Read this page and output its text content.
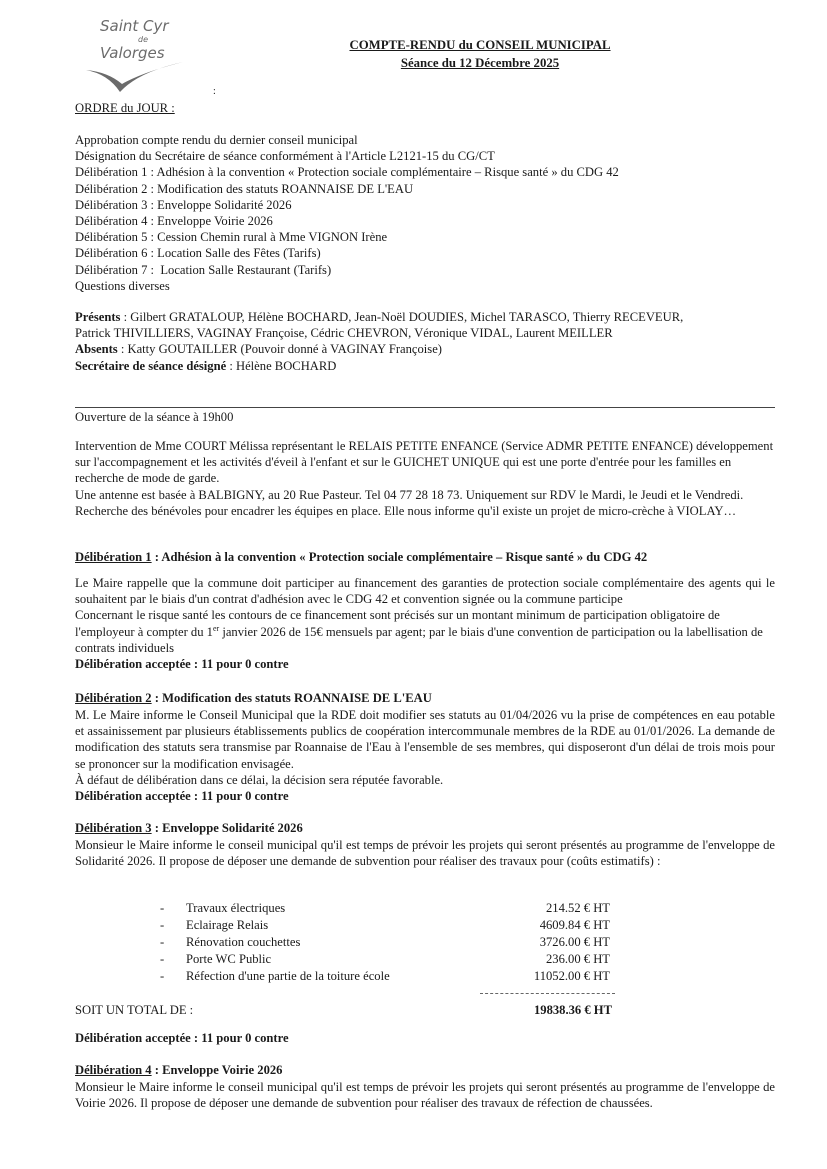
Saint Cyr
de
Valorges	COMPTE-RENDU du CONSEIL MUNICIPAL
Séance du 12 Décembre 2025
:
ORDRE du JOUR :
Approbation compte rendu du dernier conseil municipal
Désignation du Secrétaire de séance conformément à l'Article L2121-15 du CG/CT
Délibération 1 : Adhésion à la convention « Protection sociale complémentaire – Risque santé » du CDG 42
Délibération 2 : Modification des statuts ROANNAISE DE L'EAU
Délibération 3 : Enveloppe Solidarité 2026
Délibération 4 : Enveloppe Voirie 2026
Délibération 5 : Cession Chemin rural à Mme VIGNON Irène
Délibération 6 : Location Salle des Fêtes (Tarifs)
Délibération 7 :  Location Salle Restaurant (Tarifs)
Questions diverses
Présents : Gilbert GRATALOUP, Hélène BOCHARD, Jean-Noël DOUDIES, Michel TARASCO, Thierry RECEVEUR, Patrick THIVILLIERS, VAGINAY Françoise, Cédric CHEVRON, Véronique VIDAL, Laurent MEILLER
Absents : Katty GOUTAILLER (Pouvoir donné à VAGINAY Françoise)
Secrétaire de séance désigné : Hélène BOCHARD
Ouverture de la séance à 19h00
Intervention de Mme COURT Mélissa représentant le RELAIS PETITE ENFANCE (Service ADMR PETITE ENFANCE) développement sur l'accompagnement et les activités d'éveil à l'enfant et sur le GUICHET UNIQUE qui est une porte d'entrée pour les familles en recherche de mode de garde.
Une antenne est basée à BALBIGNY, au 20 Rue Pasteur. Tel 04 77 28 18 73. Uniquement sur RDV le Mardi, le Jeudi et le Vendredi. Recherche des bénévoles pour encadrer les équipes en place. Elle nous informe qu'il existe un projet de micro-crèche à VIOLAY…
Délibération 1 : Adhésion à la convention « Protection sociale complémentaire – Risque santé » du CDG 42
Le Maire rappelle que la commune doit participer au financement des garanties de protection sociale complémentaire des agents qui le souhaitent par le biais d'un contrat d'adhésion avec le CDG 42 et convention signée ou la commune participe
Concernant le risque santé les contours de ce financement sont précisés sur un montant minimum de participation obligatoire de l'employeur à compter du 1er janvier 2026 de 15€ mensuels par agent; par le biais d'une convention de participation ou la labellisation de contrats individuels
Délibération acceptée : 11 pour 0 contre
Délibération 2 : Modification des statuts ROANNAISE DE L'EAU
M. Le Maire informe le Conseil Municipal que la RDE doit modifier ses statuts au 01/04/2026 vu la prise de compétences en eau potable et assainissement par plusieurs établissements publics de coopération intercommunale membres de la RDE au 01/01/2026. La demande de modification des statuts sera transmise par Roannaise de l'Eau à l'ensemble de ses membres, qui disposeront d'un délai de trois mois pour se prononcer sur la modification envisagée.
À défaut de délibération dans ce délai, la décision sera réputée favorable.
Délibération acceptée : 11 pour 0 contre
Délibération 3 : Enveloppe Solidarité 2026
Monsieur le Maire informe le conseil municipal qu'il est temps de prévoir les projets qui seront présentés au programme de l'enveloppe de Solidarité 2026. Il propose de déposer une demande de subvention pour réaliser des travaux pour (coûts estimatifs) :
- Travaux électriques	214.52 € HT
- Eclairage Relais	4609.84 € HT
- Rénovation couchettes	3726.00 € HT
- Porte WC Public	236.00 € HT
- Réfection d'une partie de la toiture école	11052.00 € HT
SOIT UN TOTAL DE :	19838.36 € HT
Délibération acceptée : 11 pour 0 contre
Délibération 4 : Enveloppe Voirie 2026
Monsieur le Maire informe le conseil municipal qu'il est temps de prévoir les projets qui seront présentés au programme de l'enveloppe de Voirie 2026. Il propose de déposer une demande de subvention pour réaliser des travaux de réfection de chaussées.
